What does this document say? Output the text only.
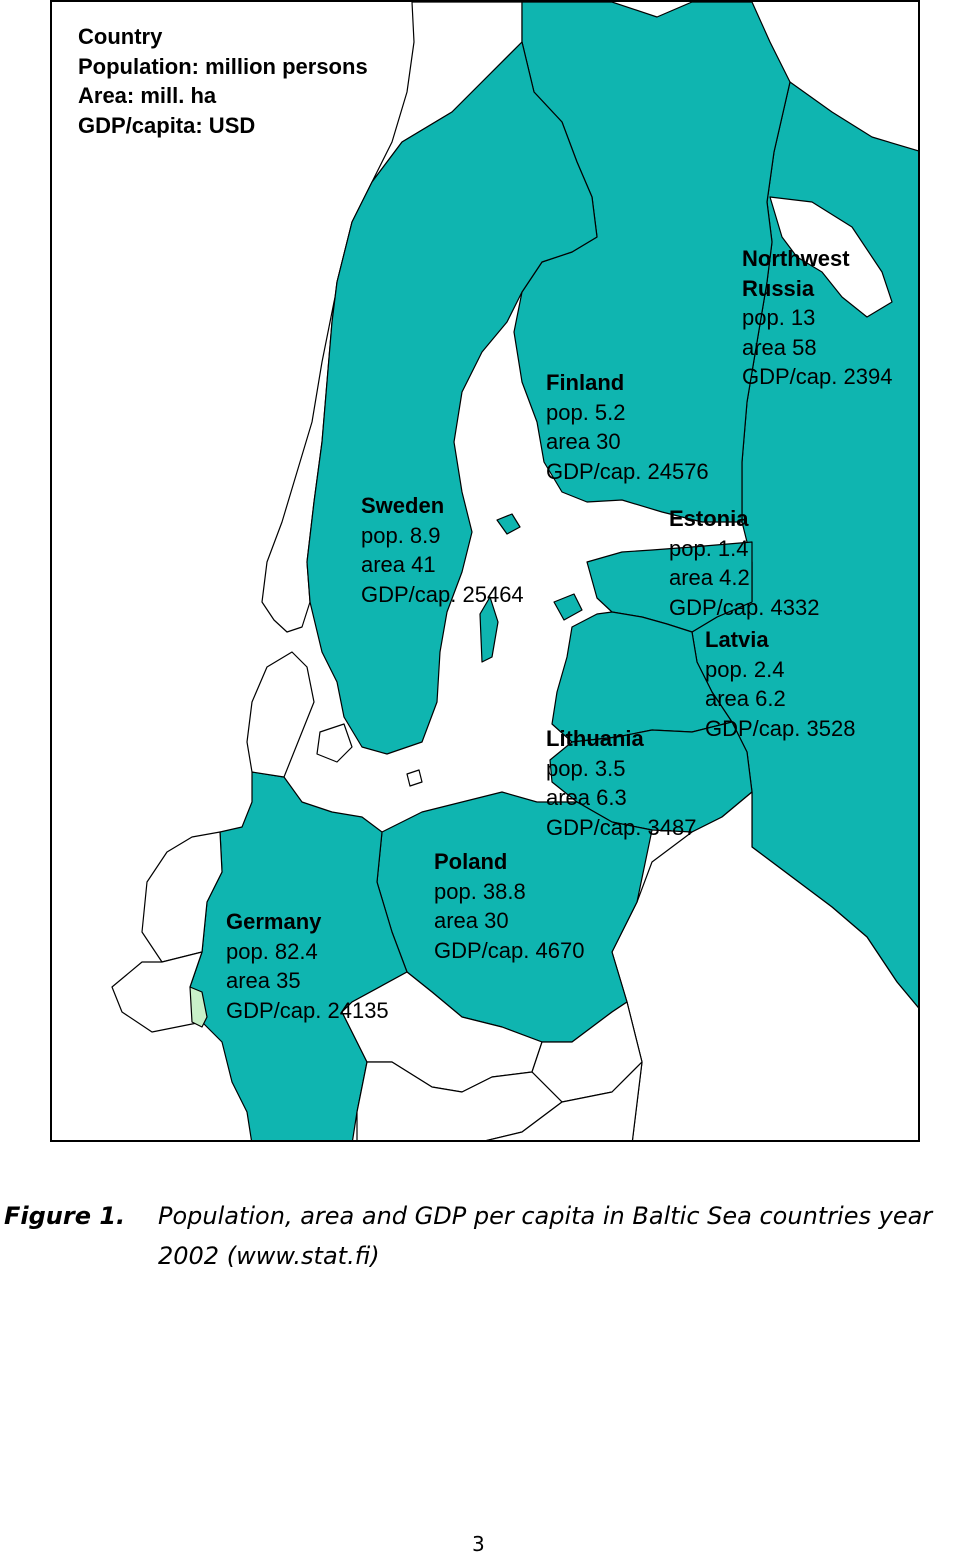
Country
Population: million persons
Area: mill. ha
GDP/capita: USD
Northwest
Russia
pop. 13
area 58
GDP/cap. 2394
Finland
pop. 5.2
area 30
GDP/cap. 24576
Sweden
pop. 8.9
area 41
GDP/cap. 25464
Estonia
pop. 1.4
area 4.2
GDP/cap. 4332
Latvia
pop. 2.4
area 6.2
GDP/cap. 3528
Lithuania
pop. 3.5
area 6.3
GDP/cap. 3487
Poland
pop. 38.8
area 30
GDP/cap. 4670
Germany
pop. 82.4
area 35
GDP/cap. 24135
Figure 1. Population, area and GDP per capita in Baltic Sea countries year 2002 (www.stat.fi)
3
